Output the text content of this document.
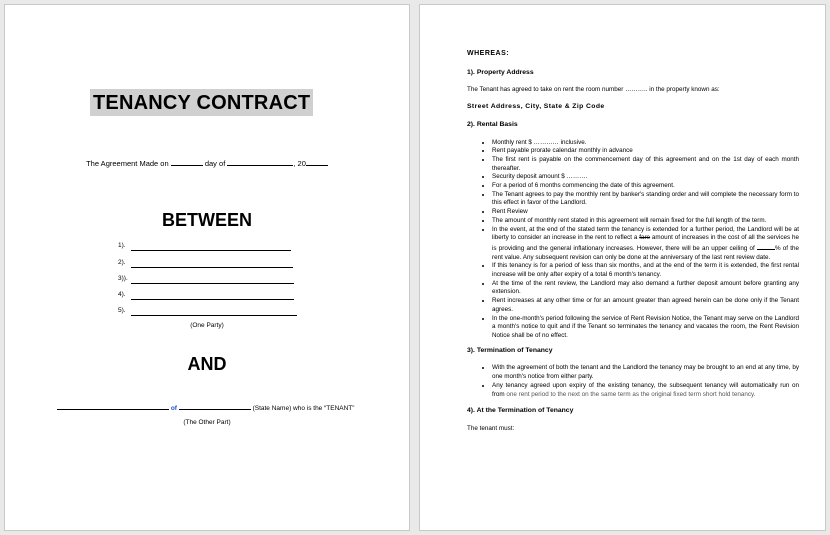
TENANCY CONTRACT
The Agreement Made on	day of	, 20
BETWEEN
1).
2).
3)).
4).
5).
(One Party)
AND
of	(State Name) who is the “TENANT”
(The Other Part)
WHEREAS:
1). Property Address
The Tenant has agreed to take on rent the room number ……….. in the property known as:
Street Address, City, State & Zip Code
2). Rental Basis
• Monthly rent $ ………… inclusive.
• Rent payable prorate calendar monthly in advance
• The first rent is payable on the commencement day of this agreement and on the 1st day of each month thereafter.
• Security deposit amount $ ……….
• For a period of 6 months commencing the date of this agreement.
• The Tenant agrees to pay the monthly rent by banker's standing order and will complete the necessary form to this effect in favor of the Landlord.
• Rent Review
• The amount of monthly rent stated in this agreement will remain fixed for the full length of the term.
• In the event, at the end of the stated term the tenancy is extended for a further period, the Landlord will be at liberty to consider an increase in the rent to reflect a fare amount of increases in the cost of all the services he is providing and the general inflationary increases. However, there will be an upper ceiling of	% of the rent value. Any subsequent revision can only be done at the anniversary of the last rent review date.
• If this tenancy is for a period of less than six months, and at the end of the term it is extended, the first rental increase will be only after expiry of a total 6 month's tenancy.
• At the time of the rent review, the Landlord may also demand a further deposit amount before granting any extension.
• Rent increases at any other time or for an amount greater than agreed herein can be done only if the Tenant agrees.
• In the one-month's period following the service of Rent Revision Notice, the Tenant may serve on the Landlord a month's notice to quit and if the Tenant so terminates the tenancy and vacates the room, the Rent Revision Notice shall be of no effect.
3). Termination of Tenancy
• With the agreement of both the tenant and the Landlord the tenancy may be brought to an end at any time, by one month's notice from either party.
• Any tenancy agreed upon expiry of the existing tenancy, the subsequent tenancy will automatically run on from one rent period to the next on the same term as the original fixed term short hold tenancy.
4). At the Termination of Tenancy
The tenant must:
